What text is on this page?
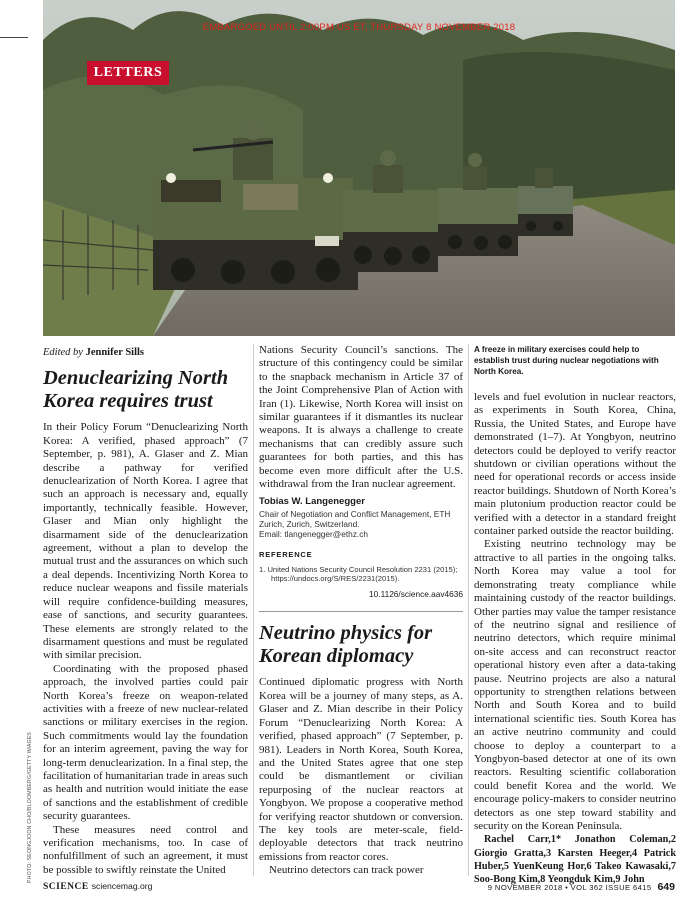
EMBARGOED UNTIL 2:00PM US ET, THURSDAY 8 NOVEMBER 2018
LETTERS
PHOTO: SEONGJOON CHO/BLOOMBERG/GETTY IMAGES
Edited by Jennifer Sills
Denuclearizing North Korea requires trust

In their Policy Forum “Denuclearizing North Korea: A verified, phased approach” (7 September, p. 981), A. Glaser and Z. Mian describe a pathway for verified denuclearization of North Korea. I agree that such an approach is necessary and, equally importantly, technically feasible. However, Glaser and Mian only highlight the disarmament side of the denuclearization agreement, without a plan to develop the mutual trust and the assurances on which such a deal depends. Incentivizing North Korea to reduce nuclear weapons and fissile materials will require confidence-building measures, ease of sanctions, and security guarantees. These elements are strongly related to the disarmament questions and must be regulated with similar precision.

Coordinating with the proposed phased approach, the involved parties could pair North Korea’s freeze on weapon-related activities with a freeze of new nuclear-related sanctions or military exercises in the region. Such commitments would lay the foundation for an interim agreement, paving the way for long-term denuclearization. In a final step, the facilitation of humanitarian trade in areas such as health and nutrition would initiate the ease of sanctions and the establishment of credible security guarantees.

These measures need control and verification mechanisms, too. In case of nonfulfillment of such an agreement, it must be possible to swiftly reinstate the United

Nations Security Council’s sanctions. The structure of this contingency could be similar to the snapback mechanism in Article 37 of the Joint Comprehensive Plan of Action with Iran (1). Likewise, North Korea will insist on similar guarantees if it dismantles its nuclear weapons. It is always a challenge to create mechanisms that can credibly assure such guarantees for both parties, and this has become even more difficult after the U.S. withdrawal from the Iran nuclear agreement.

Tobias W. Langenegger
Chair of Negotiation and Conflict Management, ETH Zurich, Zurich, Switzerland.
Email: tlangenegger@ethz.ch
REFERENCE
1. United Nations Security Council Resolution 2231 (2015); https://undocs.org/S/RES/2231(2015).
10.1126/science.aav4636
Neutrino physics for Korean diplomacy

Continued diplomatic progress with North Korea will be a journey of many steps, as A. Glaser and Z. Mian describe in their Policy Forum “Denuclearizing North Korea: A verified, phased approach” (7 September, p. 981). Leaders in North Korea, South Korea, and the United States agree that one step could be dismantlement or civilian repurposing of the nuclear reactors at Yongbyon. We propose a cooperative method for verifying reactor shutdown or conversion. The key tools are meter-scale, field-deployable detectors that track neutrino emissions from reactor cores.

Neutrino detectors can track power

A freeze in military exercises could help to establish trust during nuclear negotiations with North Korea.

levels and fuel evolution in nuclear reactors, as experiments in South Korea, China, Russia, the United States, and Europe have demonstrated (1–7). At Yongbyon, neutrino detectors could be deployed to verify reactor shutdown or civilian operations without the need for operational records or access inside reactor buildings. Shutdown of North Korea’s main plutonium production reactor could be verified with a detector in a standard freight container parked outside the reactor building.

Existing neutrino technology may be attractive to all parties in the ongoing talks. North Korea may value a tool for demonstrating treaty compliance while maintaining custody of the reactor buildings. Other parties may value the tamper resistance of the neutrino signal and resilience of neutrino detectors, which require minimal on-site access and can reconstruct reactor operational history even after a data-taking pause. Neutrino projects are also a natural opportunity to strengthen relations between North and South Korea and to build international scientific ties. South Korea has an active neutrino community and could choose to deploy a counterpart to a Yongbyon-based detector at one of its own reactors. Resulting scientific collaboration could benefit Korea and the world. We encourage policy-makers to consider neutrino detectors as one step toward stability and security on the Korean Peninsula.

Rachel Carr,1* Jonathon Coleman,2 Giorgio Gratta,3 Karsten Heeger,4 Patrick Huber,5 YuenKeung Hor,6 Takeo Kawasaki,7 Soo-Bong Kim,8 Yeongduk Kim,9 John

SCIENCE sciencemag.org	9 NOVEMBER 2018 • VOL 362 ISSUE 6415 649
